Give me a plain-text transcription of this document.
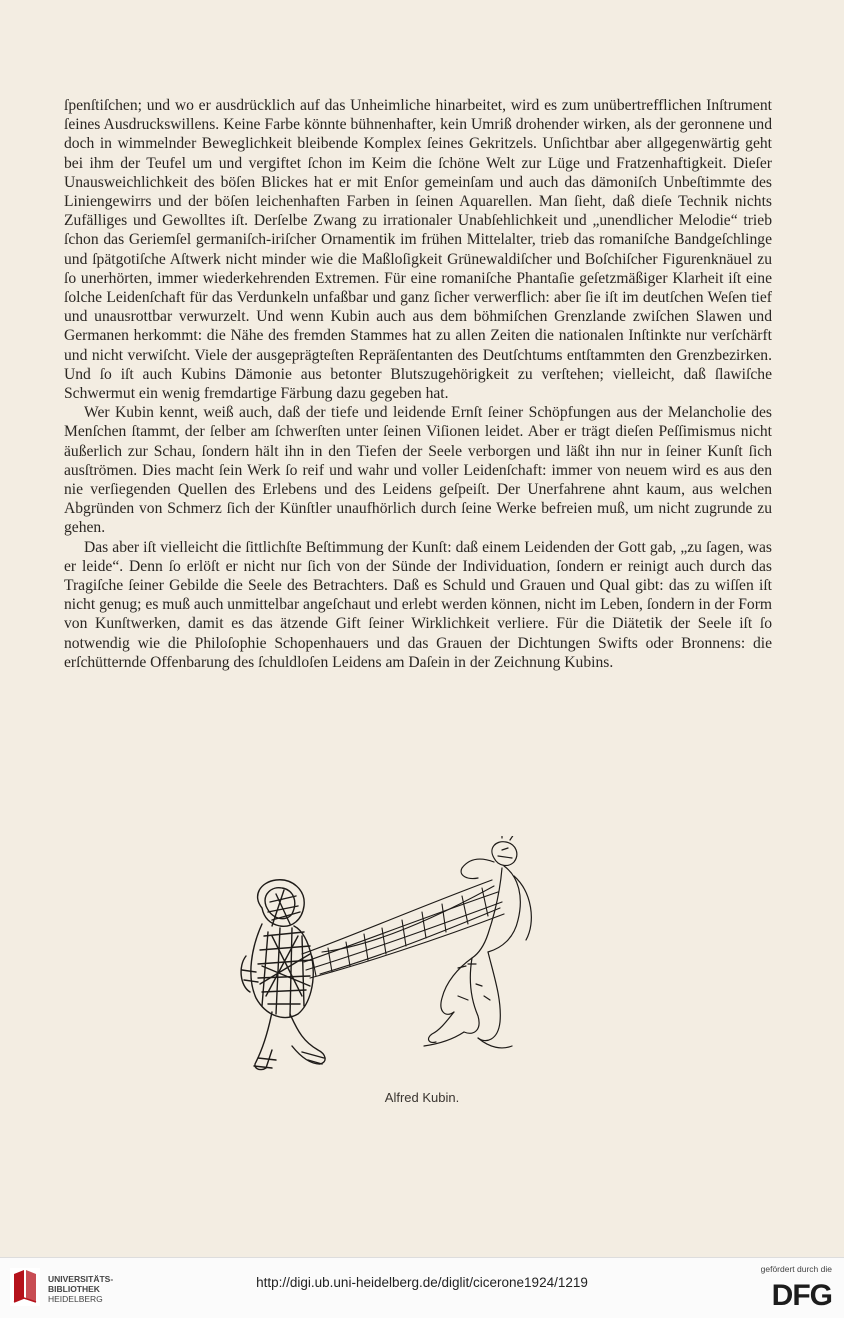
ſpenſtiſchen; und wo er ausdrücklich auf das Unheimliche hinarbeitet, wird es zum unübertrefflichen Inſtrument ſeines Ausdruckswillens. Keine Farbe könnte bühnenhafter, kein Umriß drohender wirken, als der geronnene und doch in wimmelnder Beweglichkeit bleibende Komplex ſeines Gekritzels. Unſichtbar aber allgegenwärtig geht bei ihm der Teufel um und vergiftet ſchon im Keim die ſchöne Welt zur Lüge und Fratzenhaftigkeit. Dieſer Unausweichlichkeit des böſen Blickes hat er mit Enſor gemeinſam und auch das dämoniſch Unbeſtimmte des Liniengewirrs und der böſen leichenhaften Farben in ſeinen Aquarellen. Man ſieht, daß dieſe Technik nichts Zufälliges und Gewolltes iſt. Derſelbe Zwang zu irrationaler Unabſehlichkeit und „unendlicher Melodie“ trieb ſchon das Geriemſel germaniſch-iriſcher Ornamentik im frühen Mittelalter, trieb das romaniſche Bandgeſchlinge und ſpätgotiſche Aſtwerk nicht minder wie die Maßloſigkeit Grünewaldiſcher und Boſchiſcher Figurenknäuel zu ſo unerhörten, immer wiederkehrenden Extremen. Für eine romaniſche Phantaſie geſetzmäßiger Klarheit iſt eine ſolche Leidenſchaft für das Verdunkeln unfaßbar und ganz ſicher verwerflich: aber ſie iſt im deutſchen Weſen tief und unausrottbar verwurzelt. Und wenn Kubin auch aus dem böhmiſchen Grenzlande zwiſchen Slawen und Germanen herkommt: die Nähe des fremden Stammes hat zu allen Zeiten die nationalen Inſtinkte nur verſchärft und nicht verwiſcht. Viele der ausgeprägteſten Repräſentanten des Deutſchtums entſtammten den Grenzbezirken. Und ſo iſt auch Kubins Dämonie aus betonter Blutszugehörigkeit zu verſtehen; vielleicht, daß ſlawiſche Schwermut ein wenig fremdartige Färbung dazu gegeben hat.

Wer Kubin kennt, weiß auch, daß der tiefe und leidende Ernſt ſeiner Schöpfungen aus der Melancholie des Menſchen ſtammt, der ſelber am ſchwerſten unter ſeinen Viſionen leidet. Aber er trägt dieſen Peſſimismus nicht äußerlich zur Schau, ſondern hält ihn in den Tiefen der Seele verborgen und läßt ihn nur in ſeiner Kunſt ſich ausſtrömen. Dies macht ſein Werk ſo reif und wahr und voller Leidenſchaft: immer von neuem wird es aus den nie verſiegenden Quellen des Erlebens und des Leidens geſpeiſt. Der Unerfahrene ahnt kaum, aus welchen Abgründen von Schmerz ſich der Künſtler unaufhörlich durch ſeine Werke befreien muß, um nicht zugrunde zu gehen.

Das aber iſt vielleicht die ſittlichſte Beſtimmung der Kunſt: daß einem Leidenden der Gott gab, „zu ſagen, was er leide“. Denn ſo erlöſt er nicht nur ſich von der Sünde der Individuation, ſondern er reinigt auch durch das Tragiſche ſeiner Gebilde die Seele des Betrachters. Daß es Schuld und Grauen und Qual gibt: das zu wiſſen iſt nicht genug; es muß auch unmittelbar angeſchaut und erlebt werden können, nicht im Leben, ſondern in der Form von Kunſtwerken, damit es das ätzende Gift ſeiner Wirklichkeit verliere. Für die Diätetik der Seele iſt ſo notwendig wie die Philoſophie Schopenhauers und das Grauen der Dichtungen Swifts oder Bronnens: die erſchütternde Offenbarung des ſchuldloſen Leidens am Daſein in der Zeichnung Kubins.

Alfred Kubin.
UNIVERSITÄTS-
BIBLIOTHEK
HEIDELBERG
http://digi.ub.uni-heidelberg.de/diglit/cicerone1924/1219
gefördert durch die
DFG
